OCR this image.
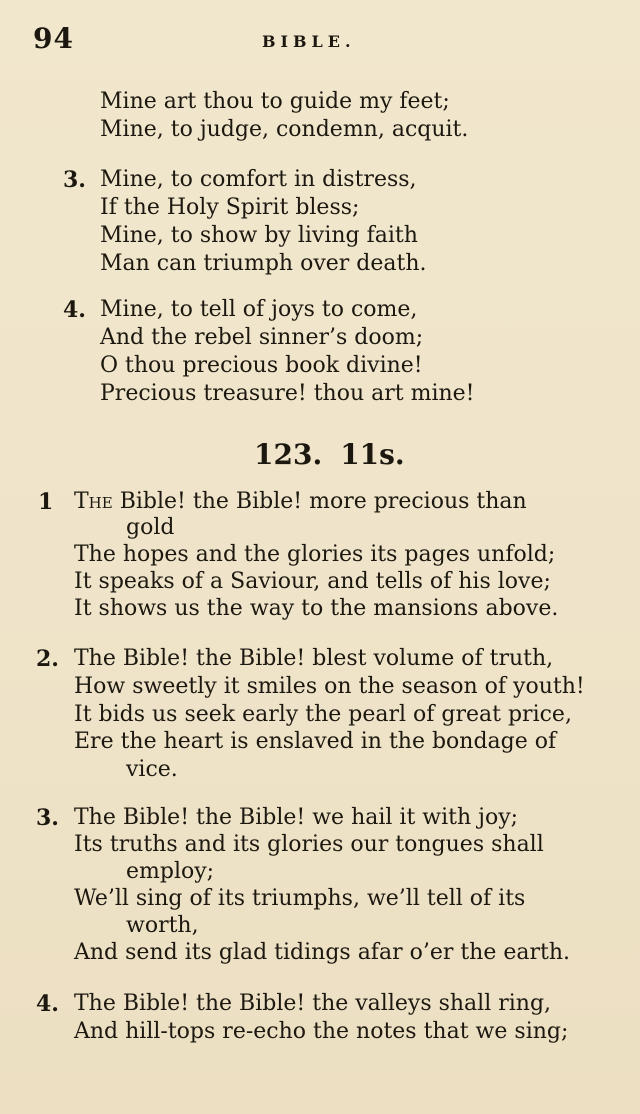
94	BIBLE.
Mine art thou to guide my feet;
Mine, to judge, condemn, acquit.
3. Mine, to comfort in distress,
If the Holy Spirit bless;
Mine, to show by living faith
Man can triumph over death.
4. Mine, to tell of joys to come,
And the rebel sinner’s doom;
O thou precious book divine!
Precious treasure! thou art mine!
123. 11s.
1 The Bible! the Bible! more precious than
gold
The hopes and the glories its pages unfold;
It speaks of a Saviour, and tells of his love;
It shows us the way to the mansions above.
2. The Bible! the Bible! blest volume of truth,
How sweetly it smiles on the season of youth!
It bids us seek early the pearl of great price,
Ere the heart is enslaved in the bondage of
vice.
3. The Bible! the Bible! we hail it with joy;
Its truths and its glories our tongues shall
employ;
We’ll sing of its triumphs, we’ll tell of its
worth,
And send its glad tidings afar o’er the earth.
4. The Bible! the Bible! the valleys shall ring,
And hill-tops re-echo the notes that we sing;
